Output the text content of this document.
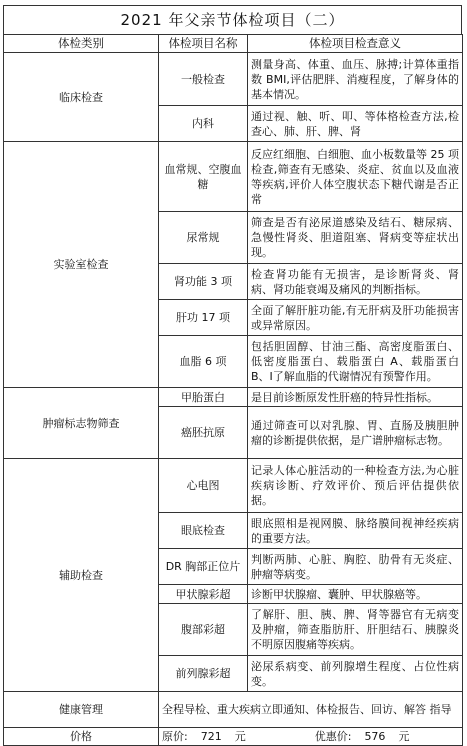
2021 年父亲节体检项目（二）
体检类别	体检项目名称	体检项目检查意义
临床检查	一般检查	测量身高、体重、血压、脉搏;计算体重指数 BMI,评估肥胖、消瘦程度，了解身体的基本情况。
	内科	通过视、触、听、叩、等体格检查方法,检查心、肺、肝、脾、肾
实验室检查	血常规、空腹血糖	反应红细胞、白细胞、血小板数量等 25 项检查,筛查有无感染、炎症、贫血以及血液等疾病,评价人体空腹状态下糖代谢是否正常
	尿常规	筛查是否有泌尿道感染及结石、糖尿病、急慢性肾炎、胆道阻塞、肾病变等症状出现。
	肾功能 3 项	检查肾功能有无损害，是诊断肾炎、肾病、肾功能衰竭及痛风的判断指标。
	肝功 17 项	全面了解肝脏功能,有无肝病及肝功能损害或异常原因。
	血脂 6 项	包括胆固醇、甘油三酯、高密度脂蛋白、低密度脂蛋白、载脂蛋白 A、载脂蛋白 B、Ⅰ了解血脂的代谢情况有预警作用。
肿瘤标志物筛查	甲胎蛋白	是目前诊断原发性肝癌的特异性指标。
	癌胚抗原	通过筛查可以对乳腺、胃、直肠及胰胆肿瘤的诊断提供依据，是广谱肿瘤标志物。
辅助检查	心电图	记录人体心脏活动的一种检查方法,为心脏疾病诊断、疗效评价、预后评估提供依据。
	眼底检查	眼底照相是视网膜、脉络膜间视神经疾病的重要方法。
	DR 胸部正位片	判断两肺、心脏、胸腔、肋骨有无炎症、肿瘤等病变。
	甲状腺彩超	诊断甲状腺瘤、囊肿、甲状腺癌等。
	腹部彩超	了解肝、胆、胰、脾、肾等器官有无病变及肿瘤，筛查脂肪肝、肝胆结石、胰腺炎不明原因腹痛等疾病。
	前列腺彩超	泌尿系病变、前列腺增生程度、占位性病变。
健康管理	全程导检、重大疾病立即通知、体检报告、回访、解答 指导	
价格	原价: 721 元 优惠价: 576 元	
